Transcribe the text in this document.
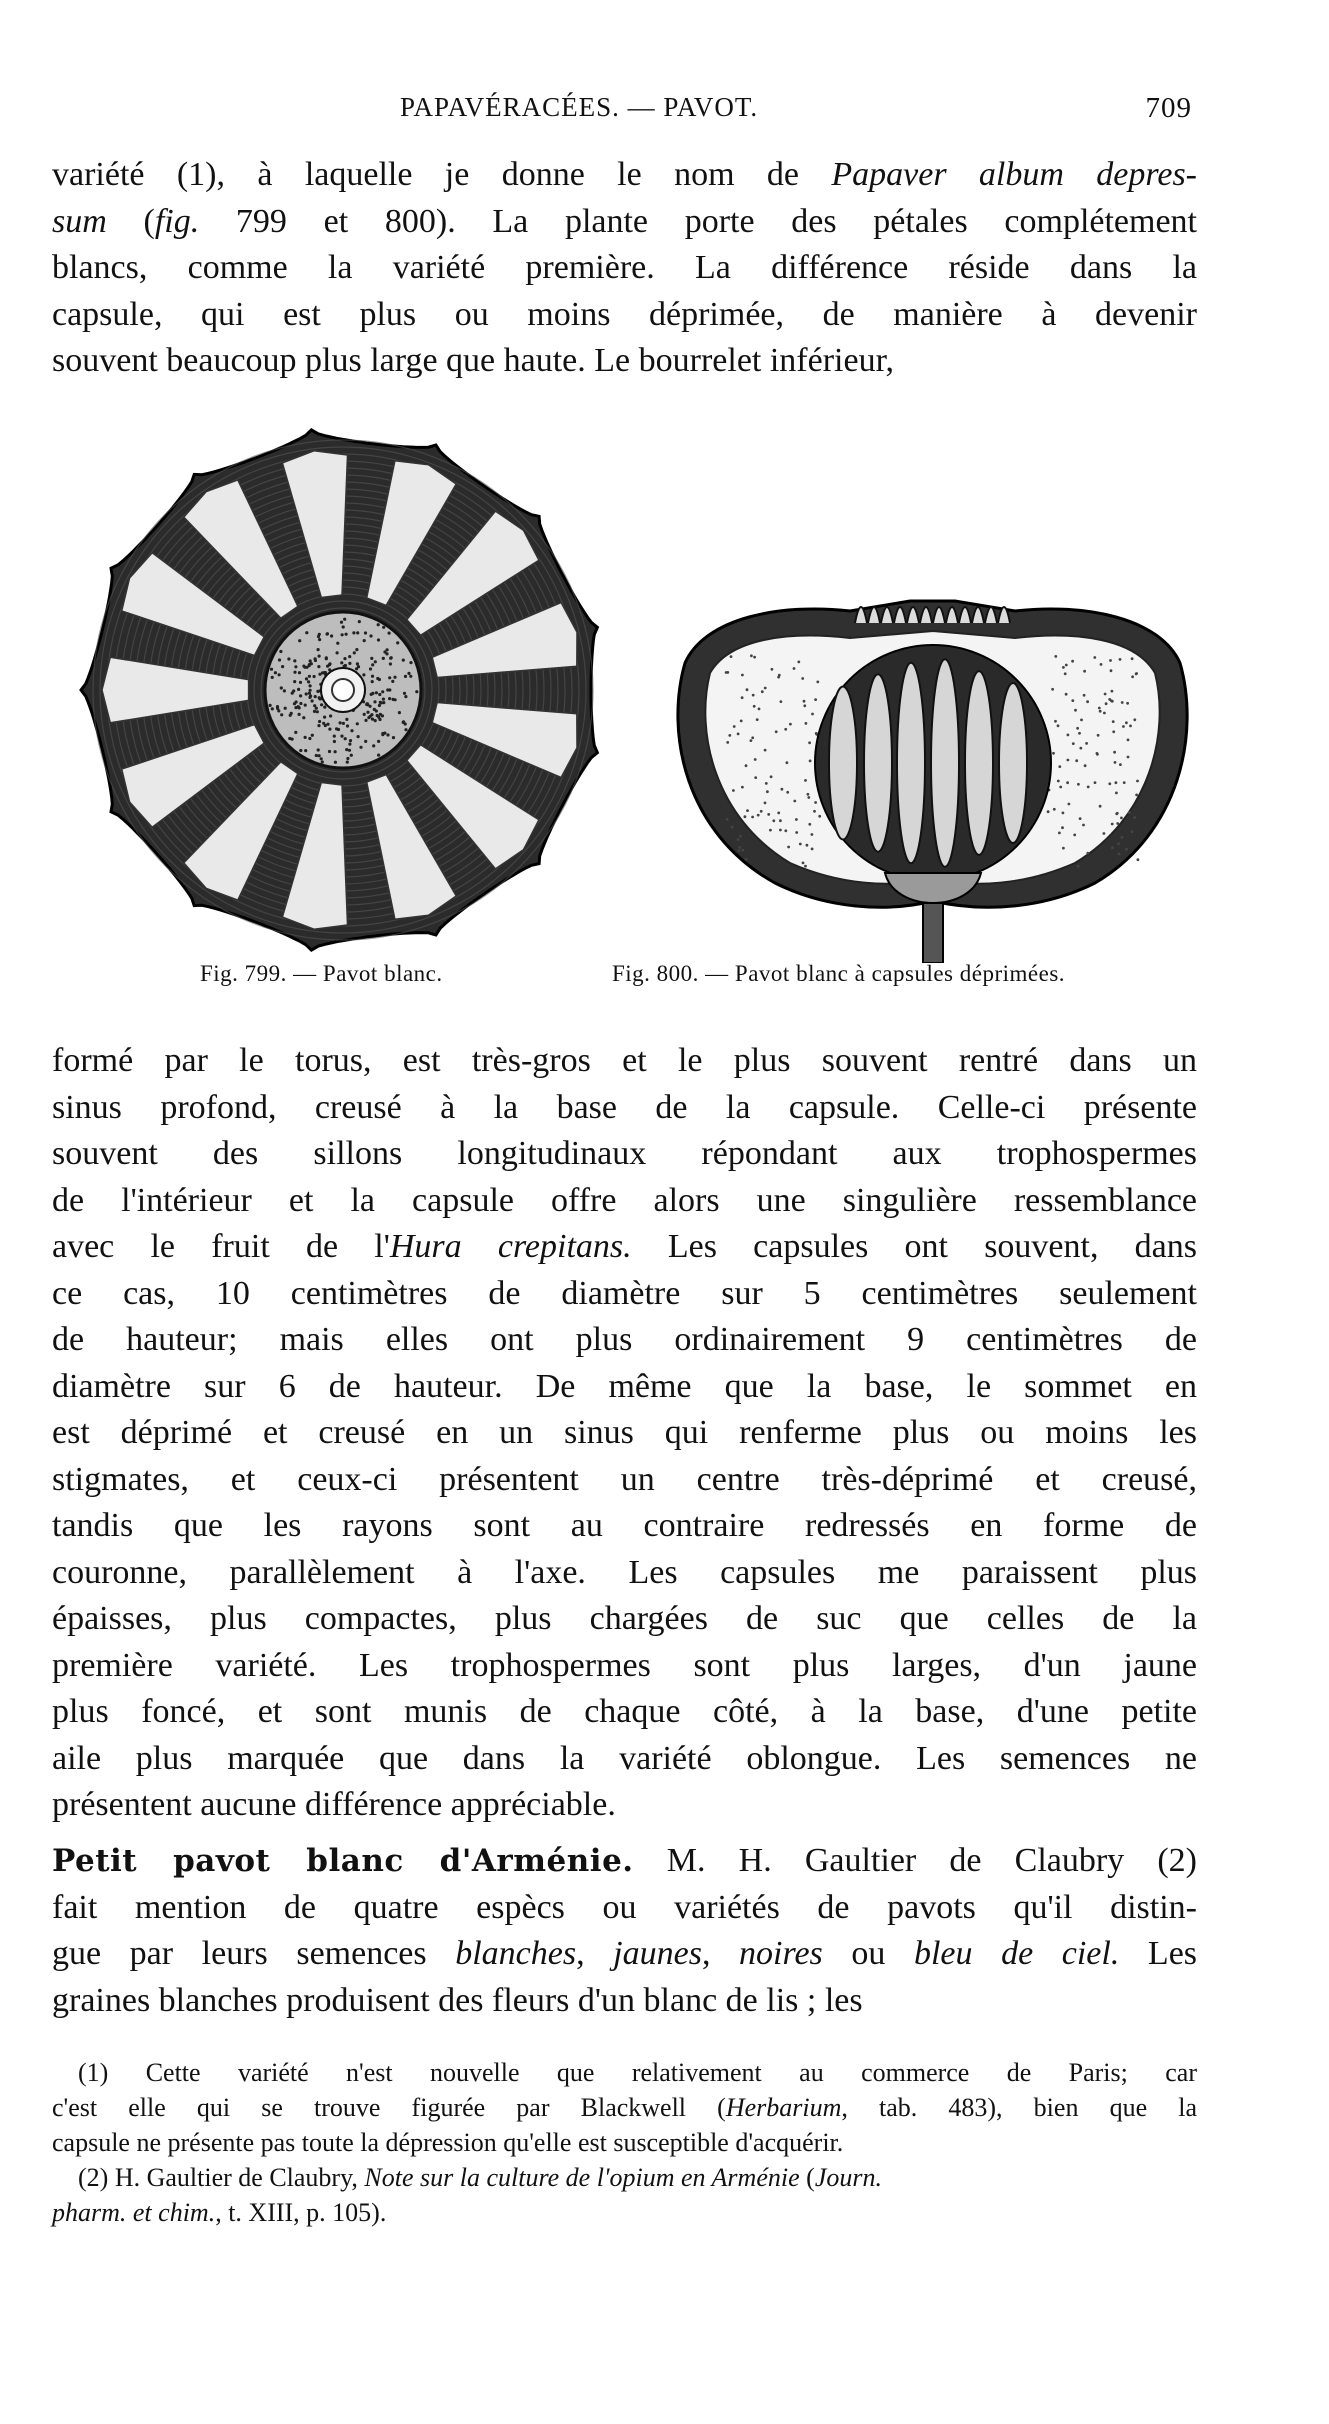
PAPAVÉRACÉES. — PAVOT.	709

variété (1), à laquelle je donne le nom de Papaver album depres-
sum (fig. 799 et 800). La plante porte des pétales complétement
blancs, comme la variété première. La différence réside dans la
capsule, qui est plus ou moins déprimée, de manière à devenir
souvent beaucoup plus large que haute. Le bourrelet inférieur,

Fig. 799. — Pavot blanc.	Fig. 800. — Pavot blanc à capsules déprimées.

formé par le torus, est très-gros et le plus souvent rentré dans un
sinus profond, creusé à la base de la capsule. Celle-ci présente
souvent des sillons longitudinaux répondant aux trophospermes
de l'intérieur et la capsule offre alors une singulière ressemblance
avec le fruit de l'Hura crepitans. Les capsules ont souvent, dans
ce cas, 10 centimètres de diamètre sur 5 centimètres seulement
de hauteur; mais elles ont plus ordinairement 9 centimètres de
diamètre sur 6 de hauteur. De même que la base, le sommet en
est déprimé et creusé en un sinus qui renferme plus ou moins les
stigmates, et ceux-ci présentent un centre très-déprimé et creusé,
tandis que les rayons sont au contraire redressés en forme de
couronne, parallèlement à l'axe. Les capsules me paraissent plus
épaisses, plus compactes, plus chargées de suc que celles de la
première variété. Les trophospermes sont plus larges, d'un jaune
plus foncé, et sont munis de chaque côté, à la base, d'une petite
aile plus marquée que dans la variété oblongue. Les semences ne
présentent aucune différence appréciable.

Petit pavot blanc d'Arménie. M. H. Gaultier de Claubry (2)
fait mention de quatre espècs ou variétés de pavots qu'il distin-
gue par leurs semences blanches, jaunes, noires ou bleu de ciel. Les
graines blanches produisent des fleurs d'un blanc de lis ; les

(1) Cette variété n'est nouvelle que relativement au commerce de Paris; car
c'est elle qui se trouve figurée par Blackwell (Herbarium, tab. 483), bien que la
capsule ne présente pas toute la dépression qu'elle est susceptible d'acquérir.
(2) H. Gaultier de Claubry, Note sur la culture de l'opium en Arménie (Journ.
pharm. et chim., t. XIII, p. 105).
